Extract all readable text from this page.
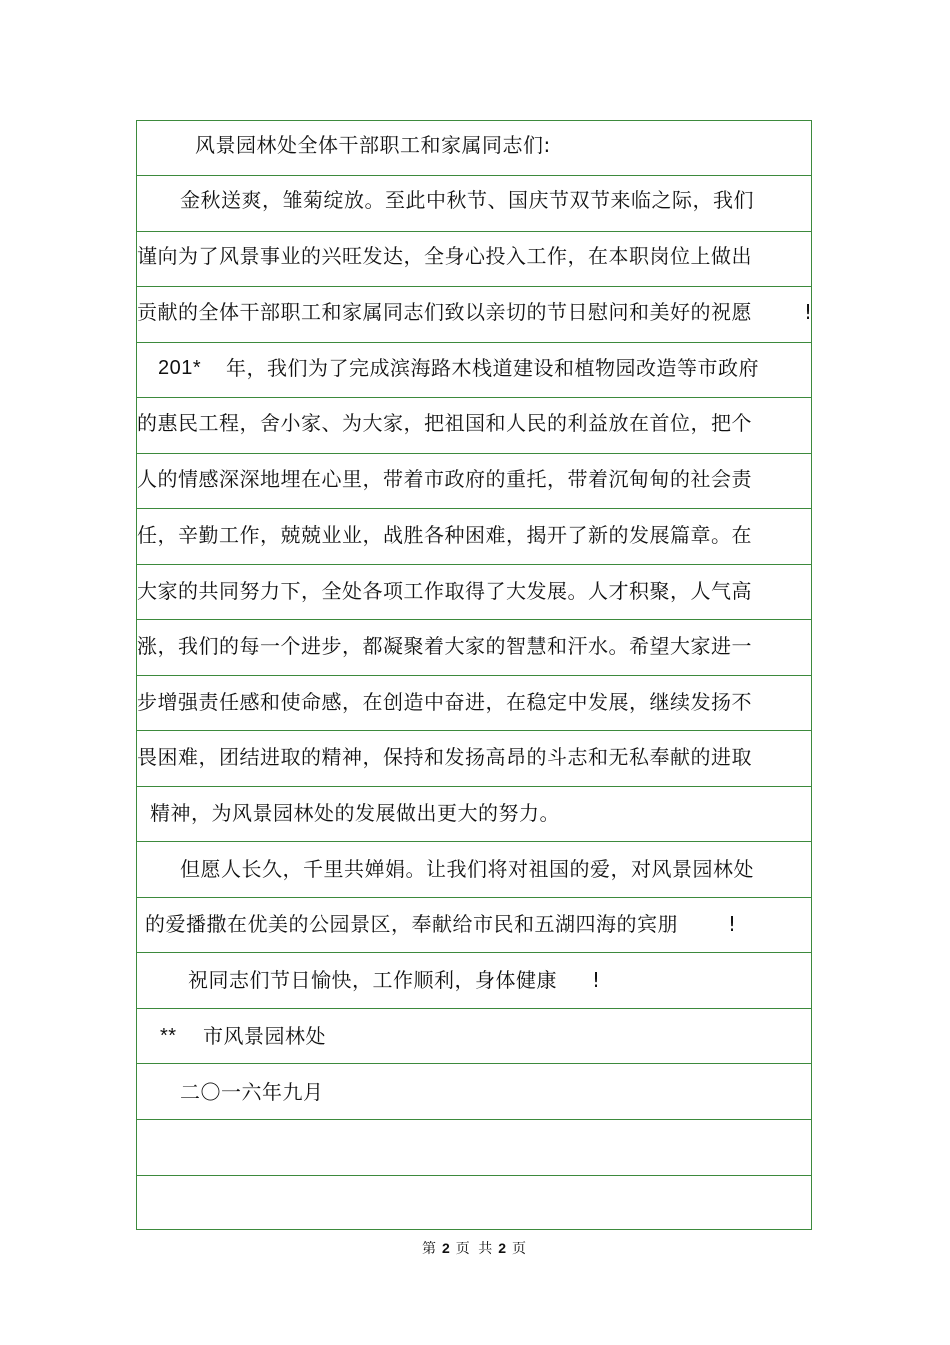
风景园林处全体干部职工和家属同志们:
金秋送爽，雏菊绽放。至此中秋节、国庆节双节来临之际，我们
谨向为了风景事业的兴旺发达，全身心投入工作，在本职岗位上做出
贡献的全体干部职工和家属同志们致以亲切的节日慰问和美好的祝愿	!
201* 年，我们为了完成滨海路木栈道建设和植物园改造等市政府
的惠民工程，舍小家、为大家，把祖国和人民的利益放在首位，把个
人的情感深深地埋在心里，带着市政府的重托，带着沉甸甸的社会责
任，辛勤工作，兢兢业业，战胜各种困难，揭开了新的发展篇章。在
大家的共同努力下，全处各项工作取得了大发展。人才积聚，人气高
涨，我们的每一个进步，都凝聚着大家的智慧和汗水。希望大家进一
步增强责任感和使命感，在创造中奋进，在稳定中发展，继续发扬不
畏困难，团结进取的精神，保持和发扬高昂的斗志和无私奉献的进取
精神，为风景园林处的发展做出更大的努力。
但愿人长久，千里共婵娟。让我们将对祖国的爱，对风景园林处
的爱播撒在优美的公园景区，奉献给市民和五湖四海的宾朋	!
祝同志们节日愉快，工作顺利，身体健康 !
** 市风景园林处
二〇一六年九月
第 2 页 共 2 页
